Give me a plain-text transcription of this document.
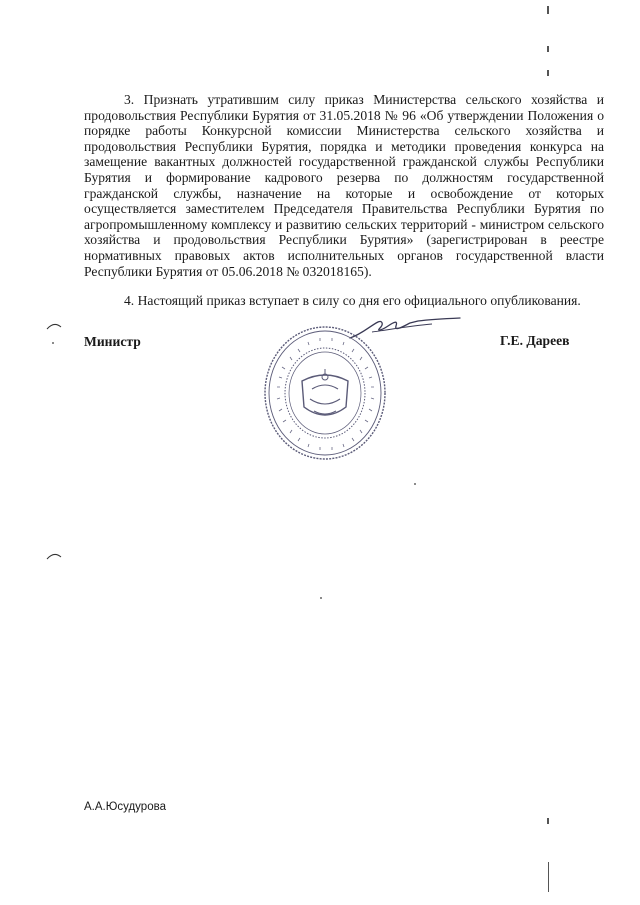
3. Признать утратившим силу приказ Министерства сельского хозяйства и продовольствия Республики Бурятия от 31.05.2018 № 96 «Об утверждении Положения о порядке работы Конкурсной комиссии Министерства сельского хозяйства и продовольствия Республики Бурятия, порядка и методики проведения конкурса на замещение вакантных должностей государственной гражданской службы Республики Бурятия и формирование кадрового резерва по должностям государственной гражданской службы, назначение на которые и освобождение от которых осуществляется заместителем Председателя Правительства Республики Бурятия по агропромышленному комплексу и развитию сельских территорий - министром сельского хозяйства и продовольствия Республики Бурятия» (зарегистрирован в реестре нормативных правовых актов исполнительных органов государственной власти Республики Бурятия от 05.06.2018 № 032018165).

4. Настоящий приказ вступает в силу со дня его официального опубликования.

Министр	Г.Е. Дареев
А.А.Юсудурова
